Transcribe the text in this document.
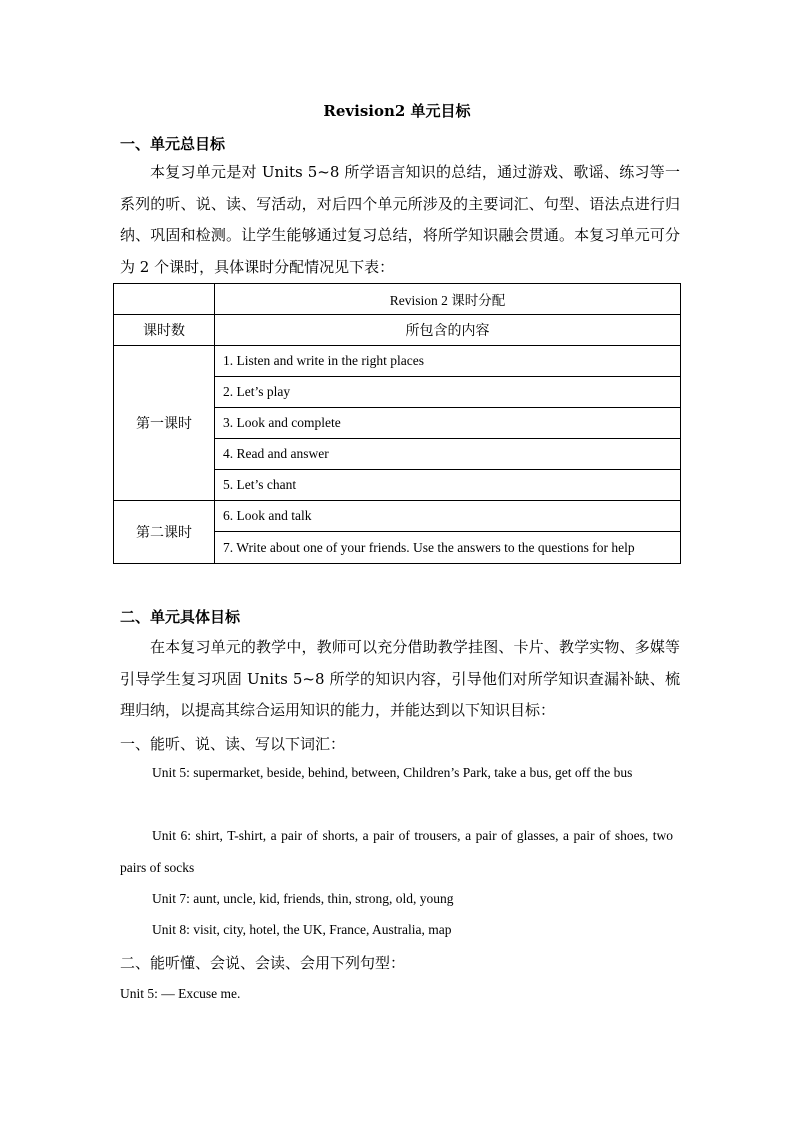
Revision2 单元目标
一、单元总目标
本复习单元是对 Units 5~8 所学语言知识的总结，通过游戏、歌谣、练习等一系列的听、说、读、写活动，对后四个单元所涉及的主要词汇、句型、语法点进行归纳、巩固和检测。让学生能够通过复习总结，将所学知识融会贯通。本复习单元可分为 2 个课时，具体课时分配情况见下表：
	Revision 2 课时分配
课时数	所包含的内容
第一课时	1. Listen and write in the right places
	2. Let’s play
	3. Look and complete
	4. Read and answer
	5. Let’s chant
第二课时	6. Look and talk
	7. Write about one of your friends. Use the answers to the questions for help
二、单元具体目标
在本复习单元的教学中，教师可以充分借助教学挂图、卡片、教学实物、多媒等引导学生复习巩固 Units 5~8 所学的知识内容，引导他们对所学知识查漏补缺、梳理归纳，以提高其综合运用知识的能力，并能达到以下知识目标：
一、能听、说、读、写以下词汇：
Unit 5: supermarket, beside, behind, between, Children’s Park, take a bus, get off the bus
Unit 6: shirt, T-shirt, a pair of shorts, a pair of trousers, a pair of glasses, a pair of shoes, two pairs of socks
Unit 7: aunt, uncle, kid, friends, thin, strong, old, young
Unit 8: visit, city, hotel, the UK, France, Australia, map
二、能听懂、会说、会读、会用下列句型：
Unit 5: — Excuse me.
